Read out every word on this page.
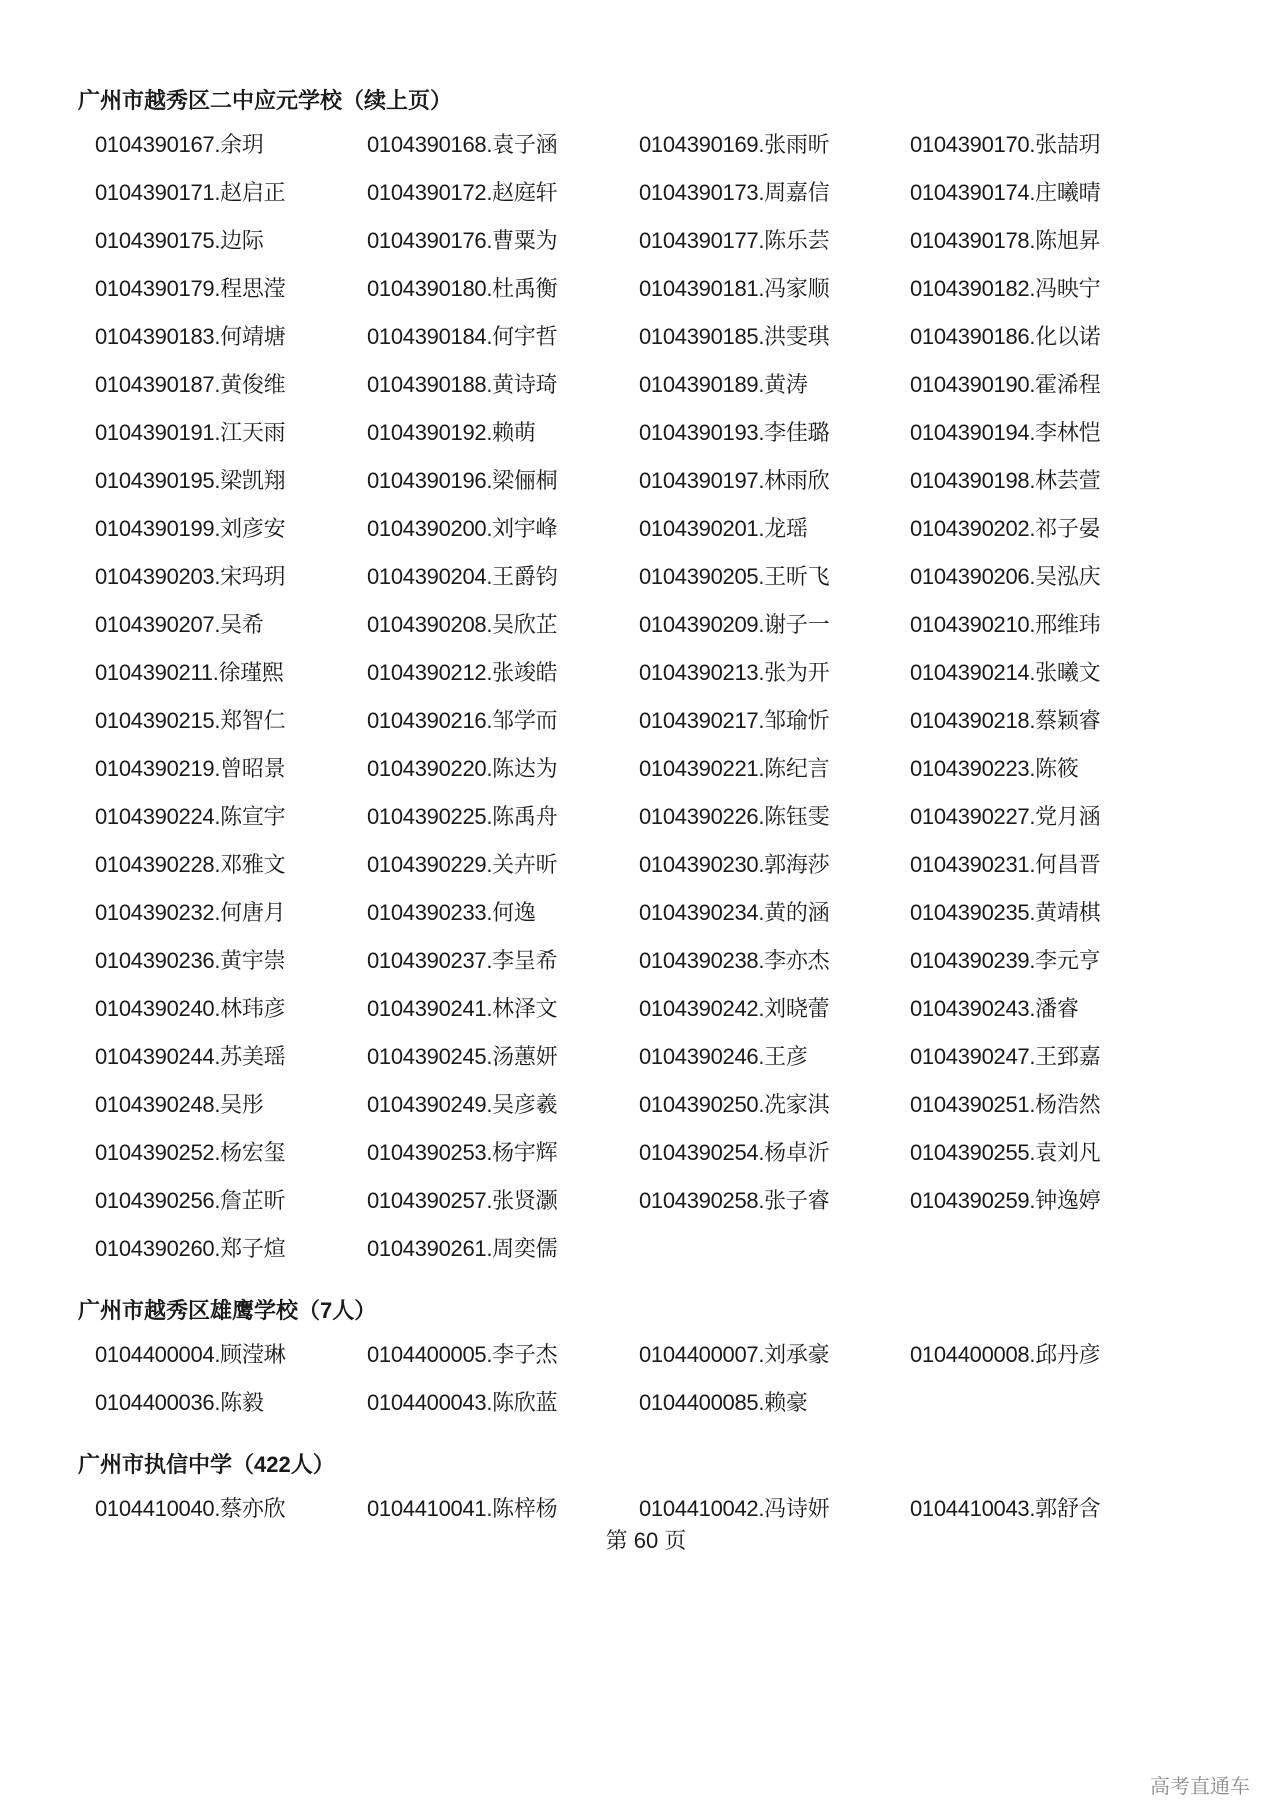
广州市越秀区二中应元学校（续上页）
0104390167.余玥	0104390168.袁子涵	0104390169.张雨昕	0104390170.张喆玥
0104390171.赵启正	0104390172.赵庭轩	0104390173.周嘉信	0104390174.庄曦晴
0104390175.边际	0104390176.曹粟为	0104390177.陈乐芸	0104390178.陈旭昇
0104390179.程思滢	0104390180.杜禹衡	0104390181.冯家顺	0104390182.冯映宁
0104390183.何靖塘	0104390184.何宇哲	0104390185.洪雯琪	0104390186.化以诺
0104390187.黄俊维	0104390188.黄诗琦	0104390189.黄涛	0104390190.霍浠程
0104390191.江天雨	0104390192.赖萌	0104390193.李佳璐	0104390194.李林恺
0104390195.梁凯翔	0104390196.梁俪桐	0104390197.林雨欣	0104390198.林芸萱
0104390199.刘彦安	0104390200.刘宇峰	0104390201.龙瑶	0104390202.祁子晏
0104390203.宋玛玥	0104390204.王爵钧	0104390205.王昕飞	0104390206.吴泓庆
0104390207.吴希	0104390208.吴欣芷	0104390209.谢子一	0104390210.邢维玮
0104390211.徐瑾熙	0104390212.张竣皓	0104390213.张为开	0104390214.张曦文
0104390215.郑智仁	0104390216.邹学而	0104390217.邹瑜忻	0104390218.蔡颖睿
0104390219.曾昭景	0104390220.陈达为	0104390221.陈纪言	0104390223.陈筱
0104390224.陈宣宇	0104390225.陈禹舟	0104390226.陈钰雯	0104390227.党月涵
0104390228.邓雅文	0104390229.关卉昕	0104390230.郭海莎	0104390231.何昌晋
0104390232.何唐月	0104390233.何逸	0104390234.黄的涵	0104390235.黄靖棋
0104390236.黄宇崇	0104390237.李呈希	0104390238.李亦杰	0104390239.李元亨
0104390240.林玮彦	0104390241.林泽文	0104390242.刘晓蕾	0104390243.潘睿
0104390244.苏美瑶	0104390245.汤蕙妍	0104390246.王彦	0104390247.王郅嘉
0104390248.吴彤	0104390249.吴彦羲	0104390250.冼家淇	0104390251.杨浩然
0104390252.杨宏玺	0104390253.杨宇辉	0104390254.杨卓沂	0104390255.袁刘凡
0104390256.詹芷昕	0104390257.张贤灏	0104390258.张子睿	0104390259.钟逸婷
0104390260.郑子煊	0104390261.周奕儒
广州市越秀区雄鹰学校（7人）
0104400004.顾滢琳	0104400005.李子杰	0104400007.刘承豪	0104400008.邱丹彦
0104400036.陈毅	0104400043.陈欣蓝	0104400085.赖豪
广州市执信中学（422人）
0104410040.蔡亦欣	0104410041.陈梓杨	0104410042.冯诗妍	0104410043.郭舒含
第 60 页
高考直通车
